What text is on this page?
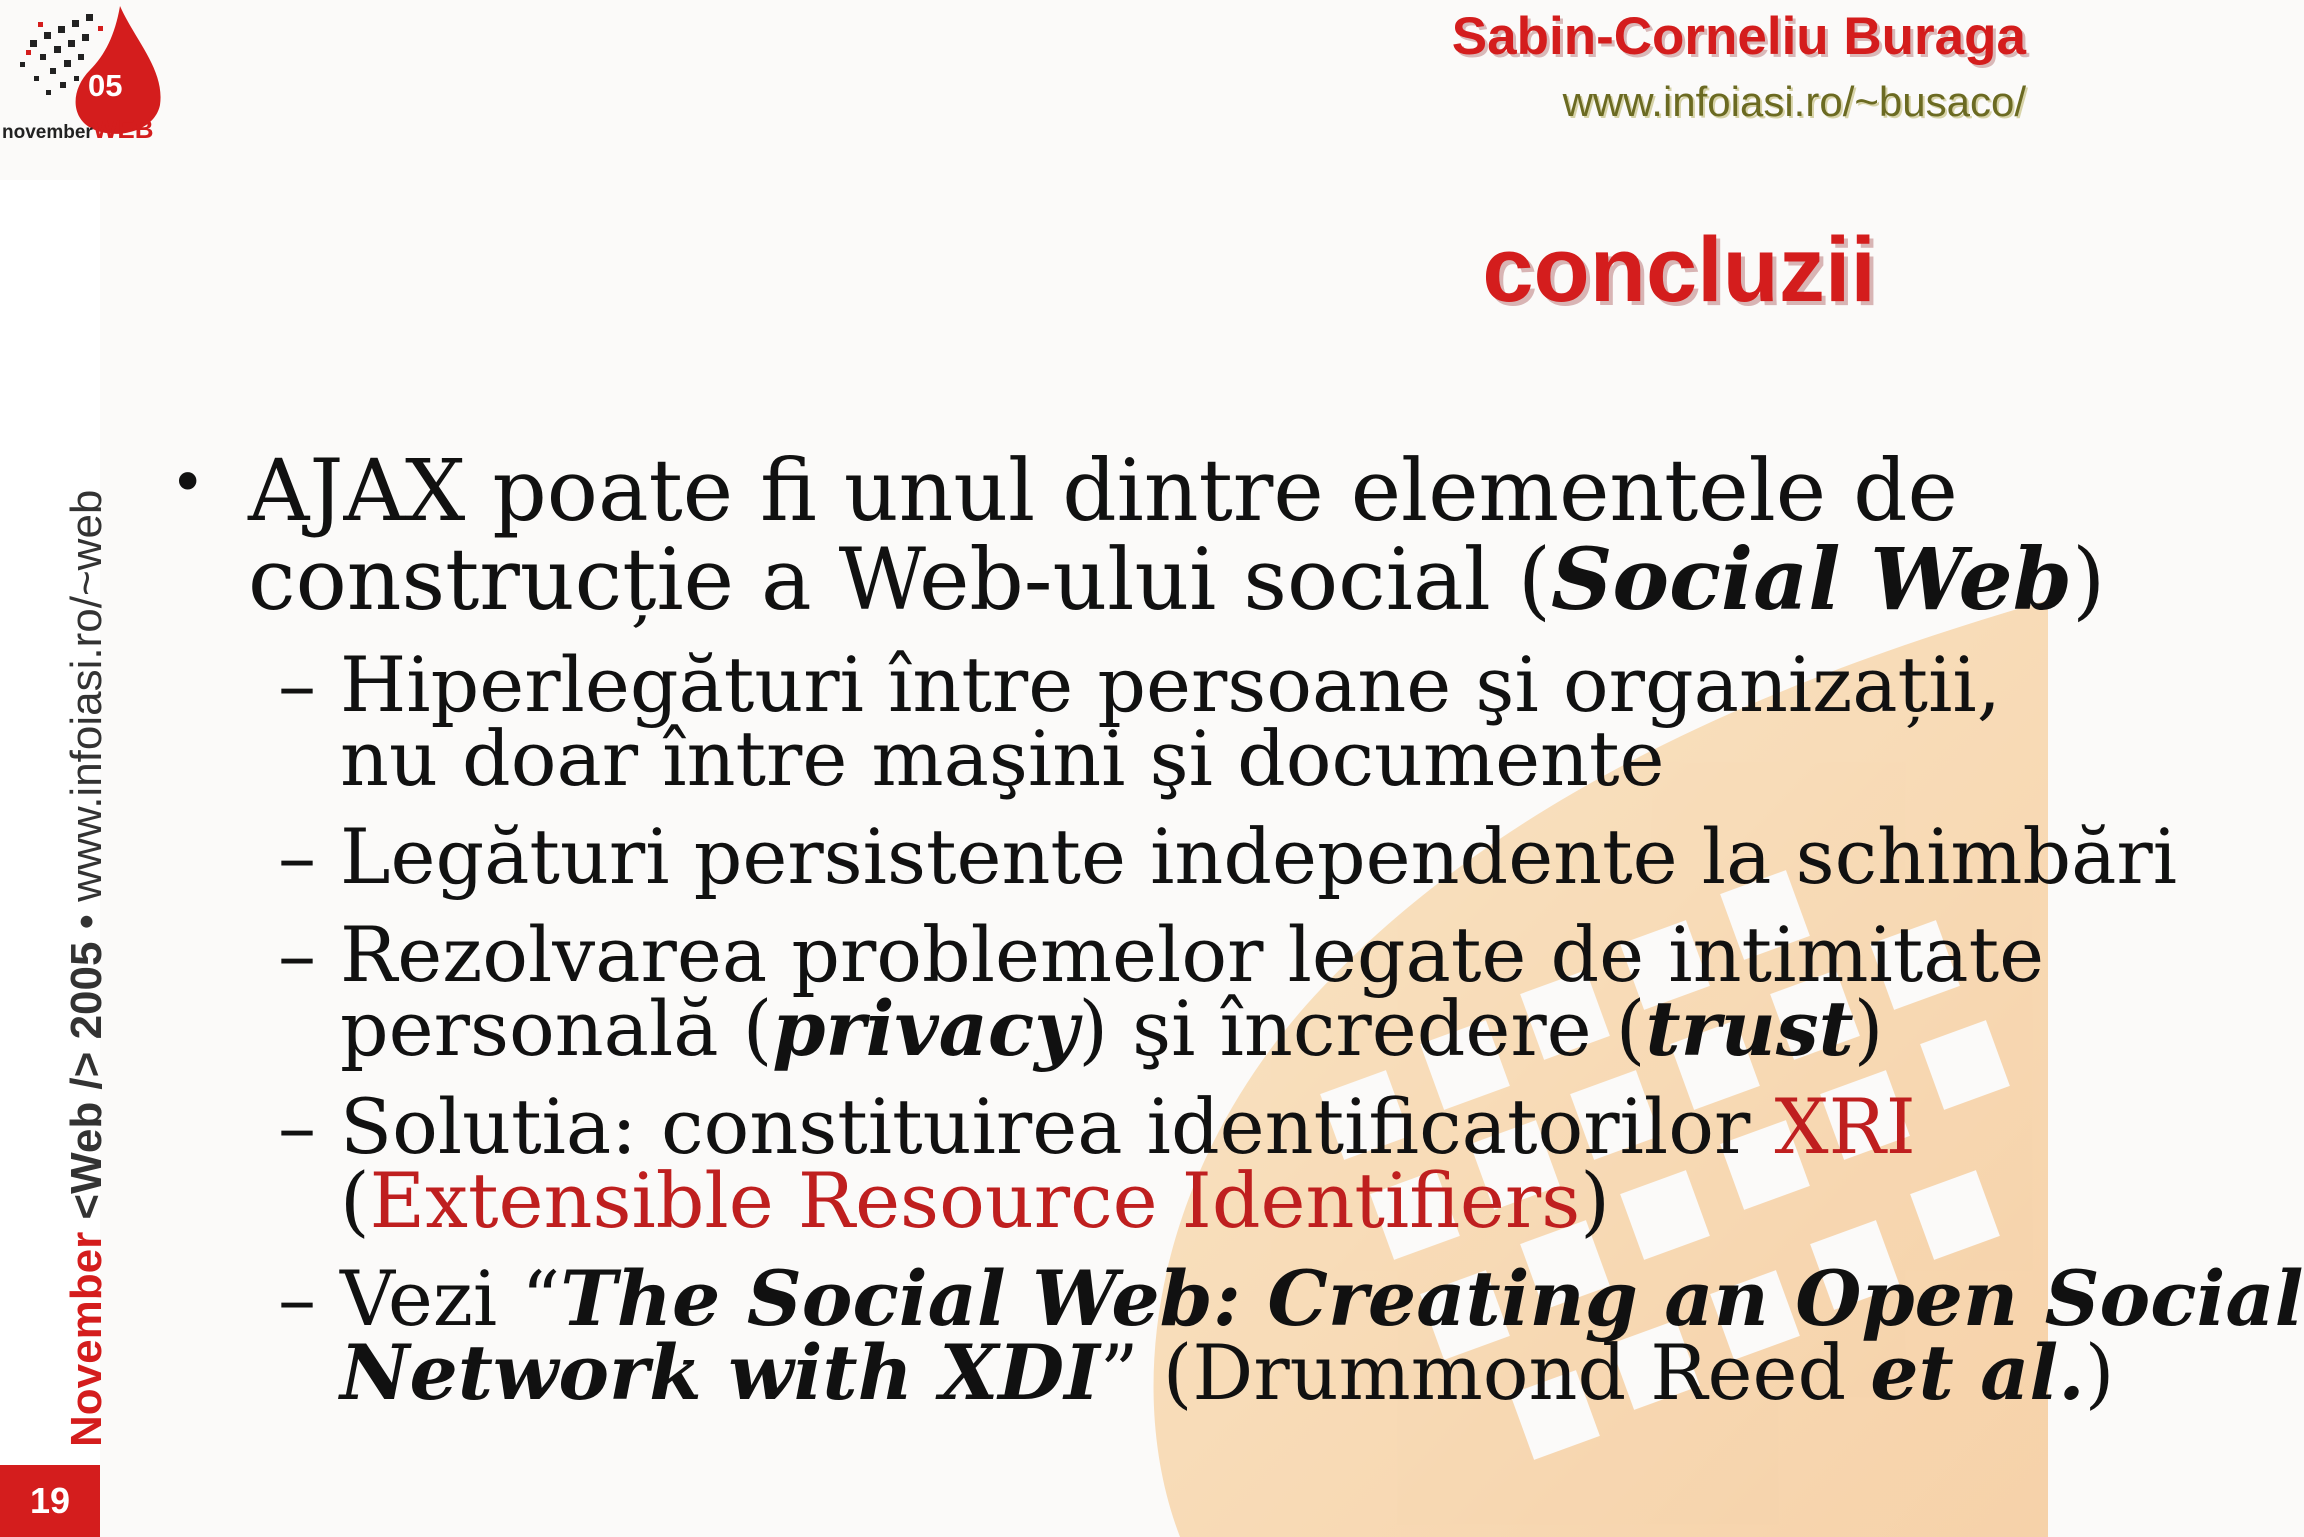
05
novemberWEB
November <Web /> 2005 • www.infoiasi.ro/~web
19
Sabin-Corneliu Buraga
www.infoiasi.ro/~busaco/
concluzii
• AJAX poate fi unul dintre elementele de
construcție a Web-ului social (Social Web)
– Hiperlegături între persoane şi organizații,
nu doar între maşini şi documente
– Legături persistente independente la schimbări
– Rezolvarea problemelor legate de intimitate
personală (privacy) şi încredere (trust)
– Solutia: constituirea identificatorilor XRI
(Extensible Resource Identifiers)
– Vezi “The Social Web: Creating an Open Social
Network with XDI” (Drummond Reed et al.)
